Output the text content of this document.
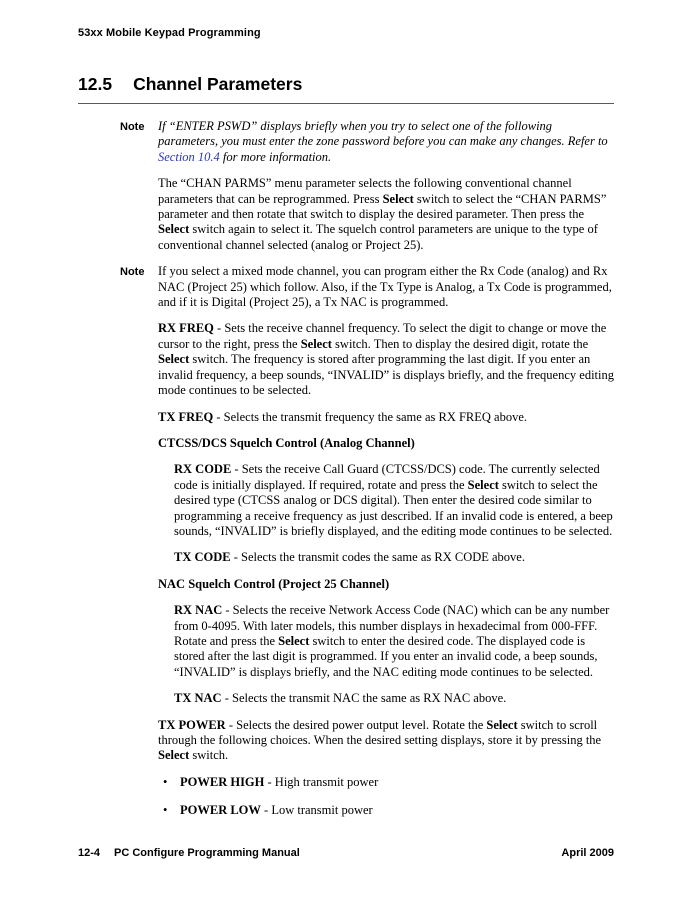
53xx Mobile Keypad Programming
12.5 Channel Parameters
Note	If “ENTER PSWD” displays briefly when you try to select one of the following parameters, you must enter the zone password before you can make any changes. Refer to Section 10.4 for more information.

The “CHAN PARMS” menu parameter selects the following conventional channel parameters that can be reprogrammed. Press Select switch to select the “CHAN PARMS” parameter and then rotate that switch to display the desired parameter. Then press the Select switch again to select it. The squelch control parameters are unique to the type of conventional channel selected (analog or Project 25).

Note	If you select a mixed mode channel, you can program either the Rx Code (analog) and Rx NAC (Project 25) which follow. Also, if the Tx Type is Analog, a Tx Code is programmed, and if it is Digital (Project 25), a Tx NAC is programmed.

RX FREQ - Sets the receive channel frequency. To select the digit to change or move the cursor to the right, press the Select switch. Then to display the desired digit, rotate the Select switch. The frequency is stored after programming the last digit. If you enter an invalid frequency, a beep sounds, “INVALID” is displays briefly, and the frequency editing mode continues to be selected.

TX FREQ - Selects the transmit frequency the same as RX FREQ above.

CTCSS/DCS Squelch Control (Analog Channel)

RX CODE - Sets the receive Call Guard (CTCSS/DCS) code. The currently selected code is initially displayed. If required, rotate and press the Select switch to select the desired type (CTCSS analog or DCS digital). Then enter the desired code similar to programming a receive frequency as just described. If an invalid code is entered, a beep sounds, “INVALID” is briefly displayed, and the editing mode continues to be selected.

TX CODE - Selects the transmit codes the same as RX CODE above.

NAC Squelch Control (Project 25 Channel)

RX NAC - Selects the receive Network Access Code (NAC) which can be any number from 0-4095. With later models, this number displays in hexadecimal from 000-FFF. Rotate and press the Select switch to enter the desired code. The displayed code is stored after the last digit is programmed. If you enter an invalid code, a beep sounds, “INVALID” is displays briefly, and the NAC editing mode continues to be selected.

TX NAC - Selects the transmit NAC the same as RX NAC above.

TX POWER - Selects the desired power output level. Rotate the Select switch to scroll through the following choices. When the desired setting displays, store it by pressing the Select switch.

•	POWER HIGH - High transmit power
•	POWER LOW - Low transmit power
12-4 PC Configure Programming Manual	April 2009
